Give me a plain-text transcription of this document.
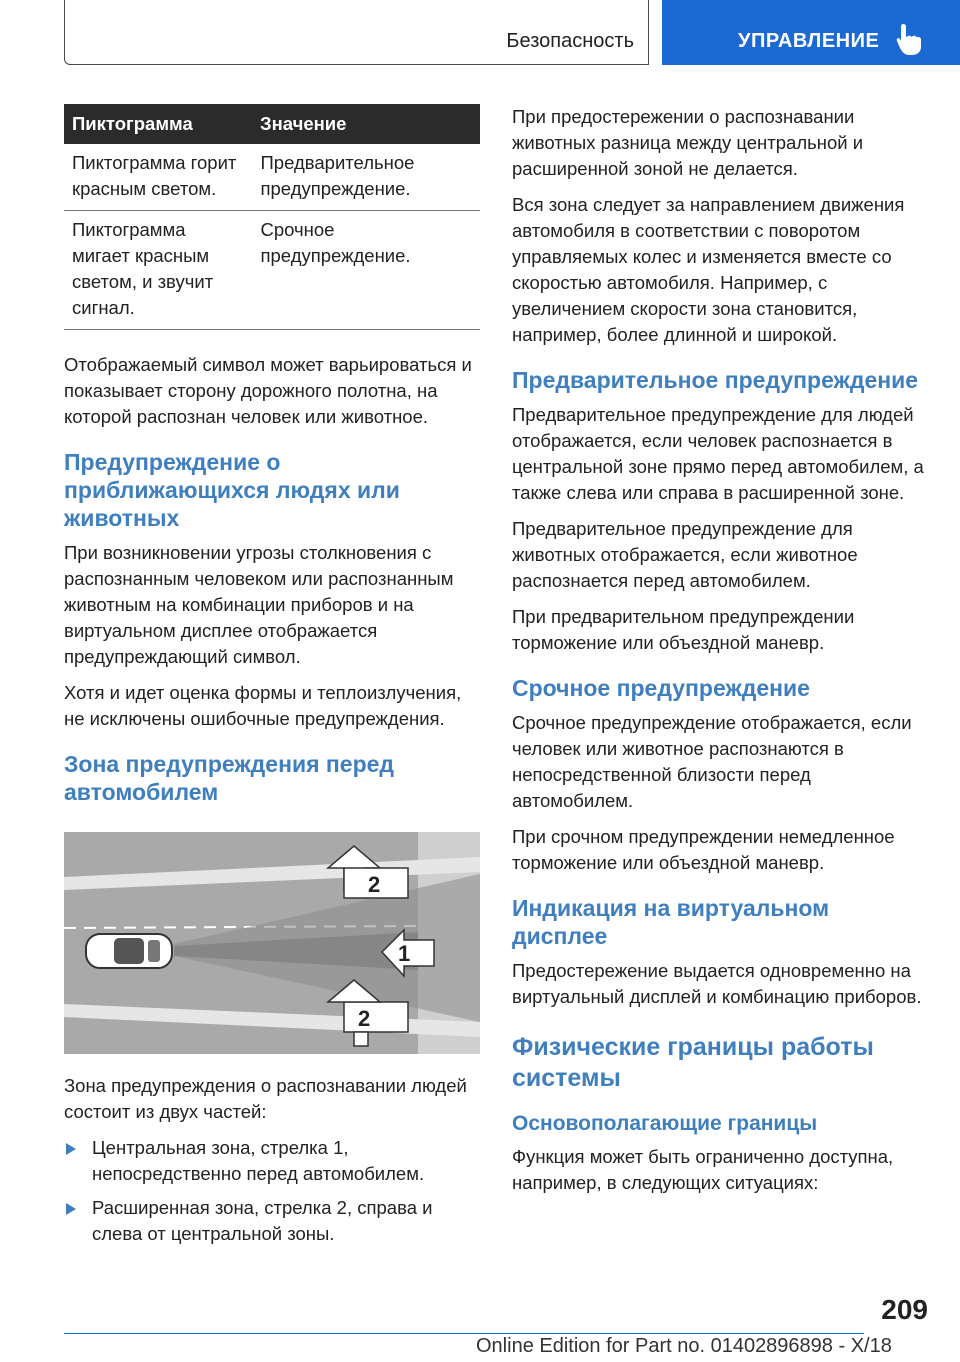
Безопасность	УПРАВЛЕНИЕ
Пиктограмма	Значение
Пиктограмма горит красным светом.	Предварительное предупреждение.
Пиктограмма мигает красным светом, и звучит сигнал.	Срочное предупреждение.

Отображаемый символ может варьироваться и показывает сторону дорожного полотна, на которой распознан человек или животное.

Предупреждение о приближающихся людях или животных

При возникновении угрозы столкновения с распознанным человеком или распознанным животным на комбинации приборов и на виртуальном дисплее отображается предупреждающий символ.

Хотя и идет оценка формы и теплоизлучения, не исключены ошибочные предупреждения.

Зона предупреждения перед автомобилем
2
1
2

Зона предупреждения о распознавании людей состоит из двух частей:

Центральная зона, стрелка 1, непосредственно перед автомобилем.
Расширенная зона, стрелка 2, справа и слева от центральной зоны.

При предостережении о распознавании животных разница между центральной и расширенной зоной не делается.

Вся зона следует за направлением движения автомобиля в соответствии с поворотом управляемых колес и изменяется вместе со скоростью автомобиля. Например, с увеличением скорости зона становится, например, более длинной и широкой.

Предварительное предупреждение

Предварительное предупреждение для людей отображается, если человек распознается в центральной зоне прямо перед автомобилем, а также слева или справа в расширенной зоне.

Предварительное предупреждение для животных отображается, если животное распознается перед автомобилем.

При предварительном предупреждении торможение или объездной маневр.

Срочное предупреждение

Срочное предупреждение отображается, если человек или животное распознаются в непосредственной близости перед автомобилем.

При срочном предупреждении немедленное торможение или объездной маневр.

Индикация на виртуальном дисплее

Предостережение выдается одновременно на виртуальный дисплей и комбинацию приборов.

Физические границы работы системы
Основополагающие границы

Функция может быть ограниченно доступна, например, в следующих ситуациях:

209
Online Edition for Part no. 01402896898 - X/18
